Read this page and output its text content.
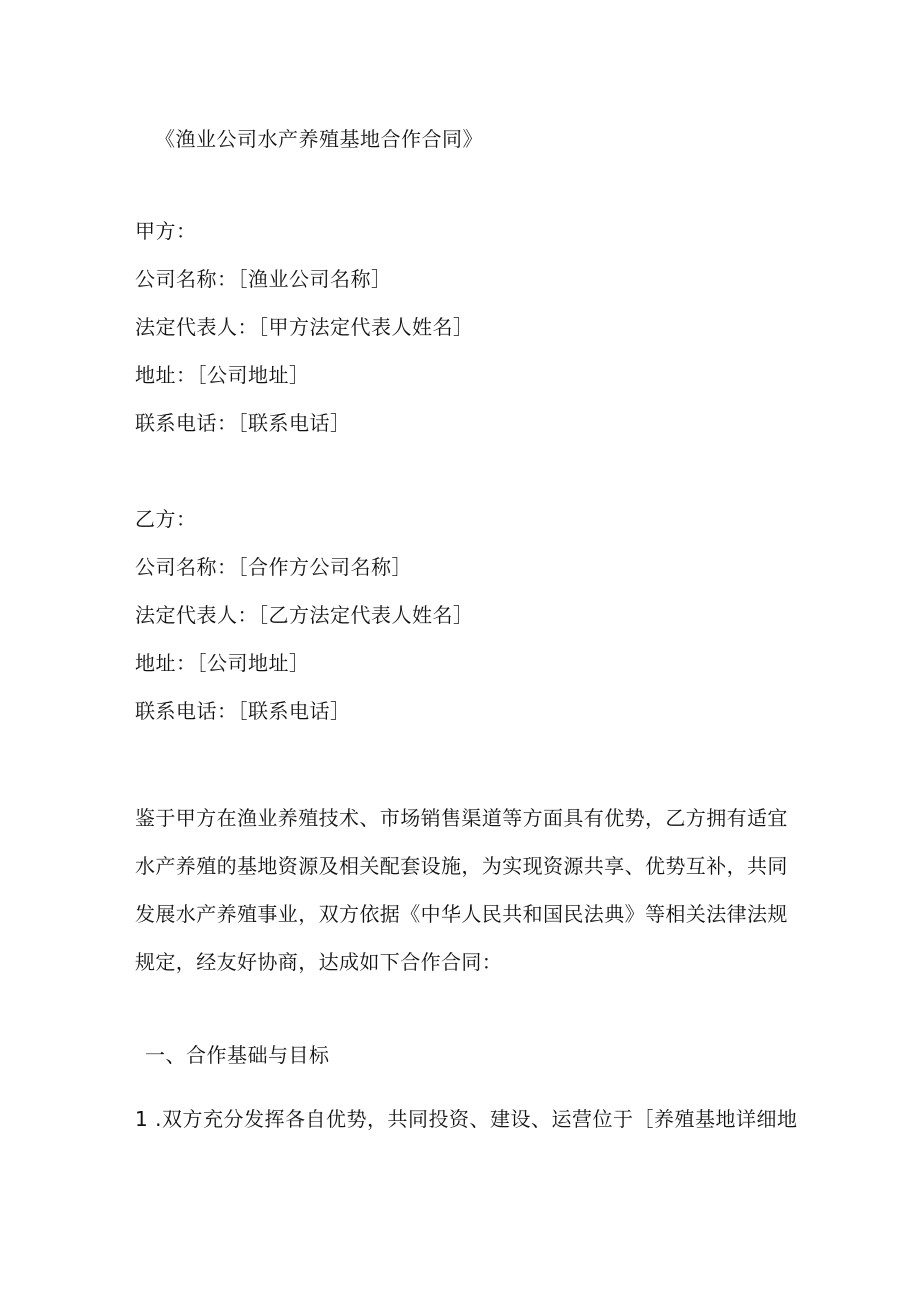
《渔业公司水产养殖基地合作合同》
甲方：
公司名称：［渔业公司名称］
法定代表人：［甲方法定代表人姓名］
地址：［公司地址］
联系电话：［联系电话］
乙方：
公司名称：［合作方公司名称］
法定代表人：［乙方法定代表人姓名］
地址：［公司地址］
联系电话：［联系电话］
鉴于甲方在渔业养殖技术、市场销售渠道等方面具有优势，乙方拥有适宜
水产养殖的基地资源及相关配套设施，为实现资源共享、优势互补，共同
发展水产养殖事业，双方依据《中华人民共和国民法典》等相关法律法规
规定，经友好协商，达成如下合作合同：
一、合作基础与目标
1 .双方充分发挥各自优势，共同投资、建设、运营位于［养殖基地详细地
